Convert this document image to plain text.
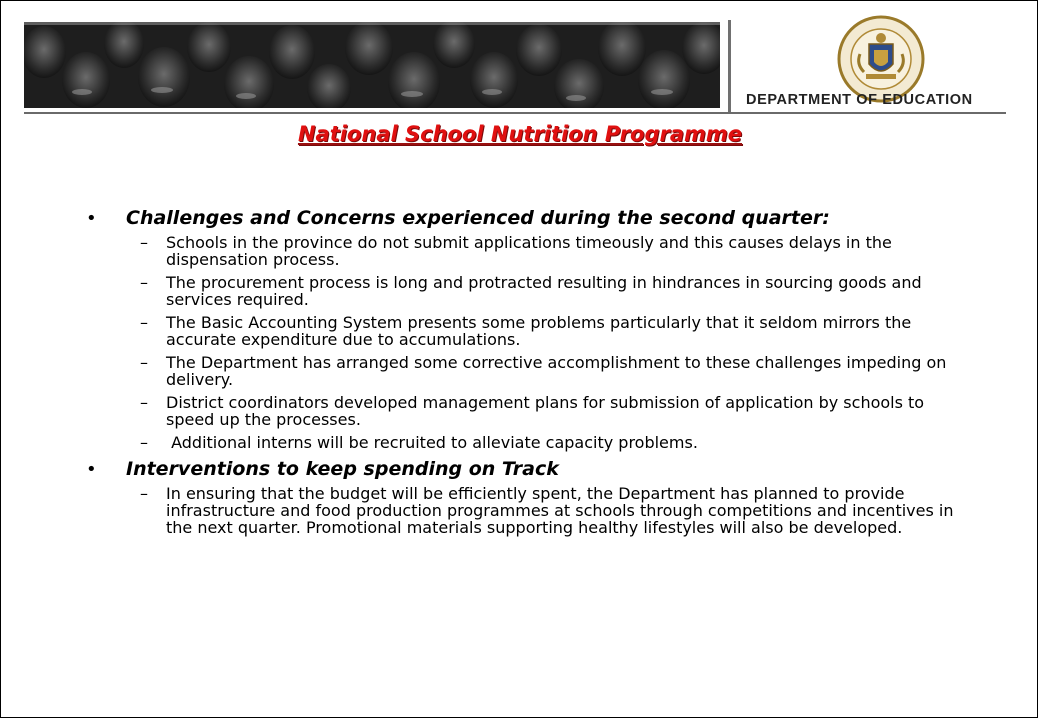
DEPARTMENT OF EDUCATION
National School Nutrition Programme
• Challenges and Concerns experienced during the second quarter:
– Schools in the province do not submit applications timeously and this causes delays in the dispensation process.
– The procurement process is long and protracted resulting in hindrances in sourcing goods and services required.
– The Basic Accounting System presents some problems particularly that it seldom mirrors the accurate expenditure due to accumulations.
– The Department has arranged some corrective accomplishment to these challenges impeding on delivery.
– District coordinators developed management plans for submission of application by schools to speed up the processes.
– Additional interns will be recruited to alleviate capacity problems.
• Interventions to keep spending on Track
– In ensuring that the budget will be efficiently spent, the Department has planned to provide infrastructure and food production programmes at schools through competitions and incentives in the next quarter. Promotional materials supporting healthy lifestyles will also be developed.
